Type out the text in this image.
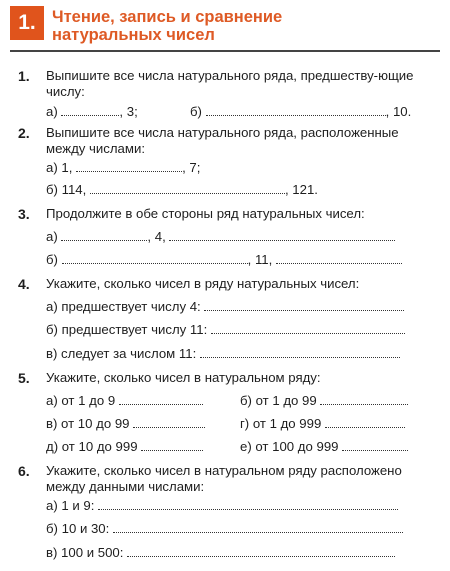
1. Чтение, запись и сравнение
натуральных чисел
1. Выпишите все числа натурального ряда, предшеству-ющие числу:
а)	, 3;	б)	, 10.
2. Выпишите все числа натурального ряда, расположенные между числами:
а) 1,	, 7;
б) 114,	, 121.
3. Продолжите в обе стороны ряд натуральных чисел:
а)	, 4,
б)	, 11,
4. Укажите, сколько чисел в ряду натуральных чисел:
а) предшествует числу 4:
б) предшествует числу 11:
в) следует за числом 11:
5. Укажите, сколько чисел в натуральном ряду:
а) от 1 до 9	б) от 1 до 99
в) от 10 до 99	г) от 1 до 999
д) от 10 до 999	е) от 100 до 999
6. Укажите, сколько чисел в натуральном ряду расположено между данными числами:
а) 1 и 9:
б) 10 и 30:
в) 100 и 500:
